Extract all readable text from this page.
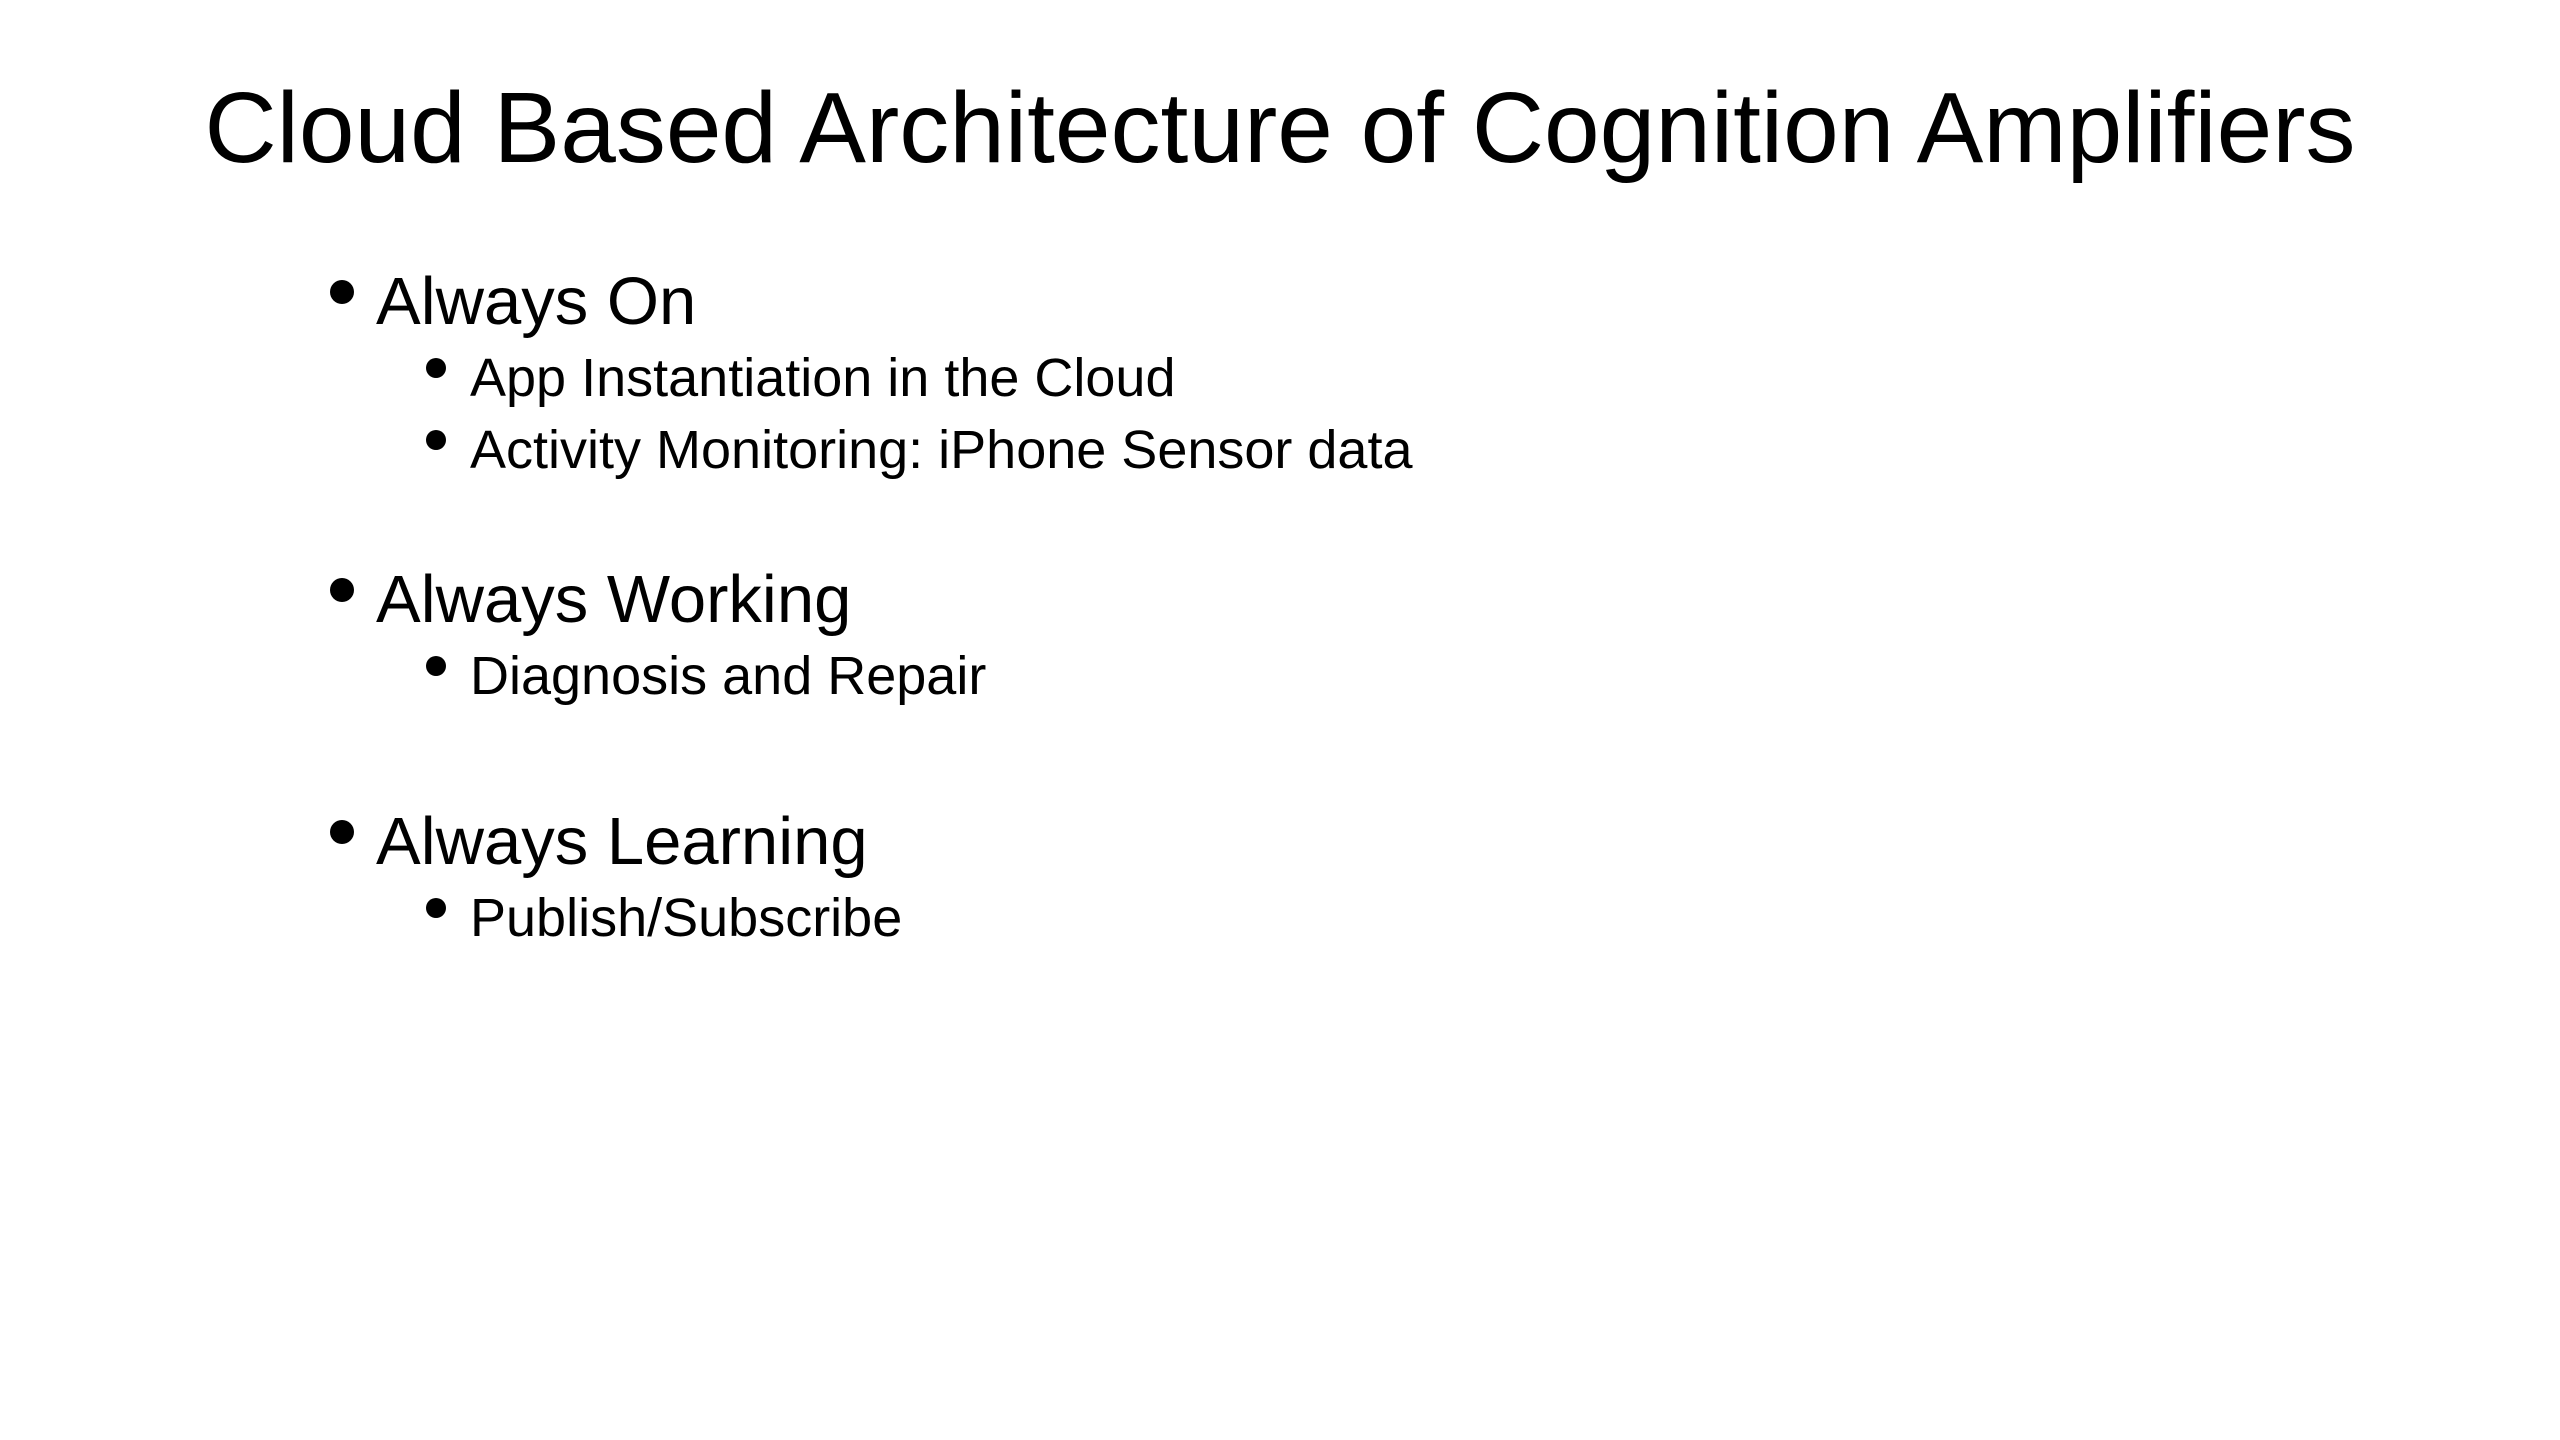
Cloud Based Architecture of Cognition Amplifiers
Always On
App Instantiation in the Cloud
Activity Monitoring: iPhone Sensor data
Always Working
Diagnosis and Repair
Always Learning
Publish/Subscribe
